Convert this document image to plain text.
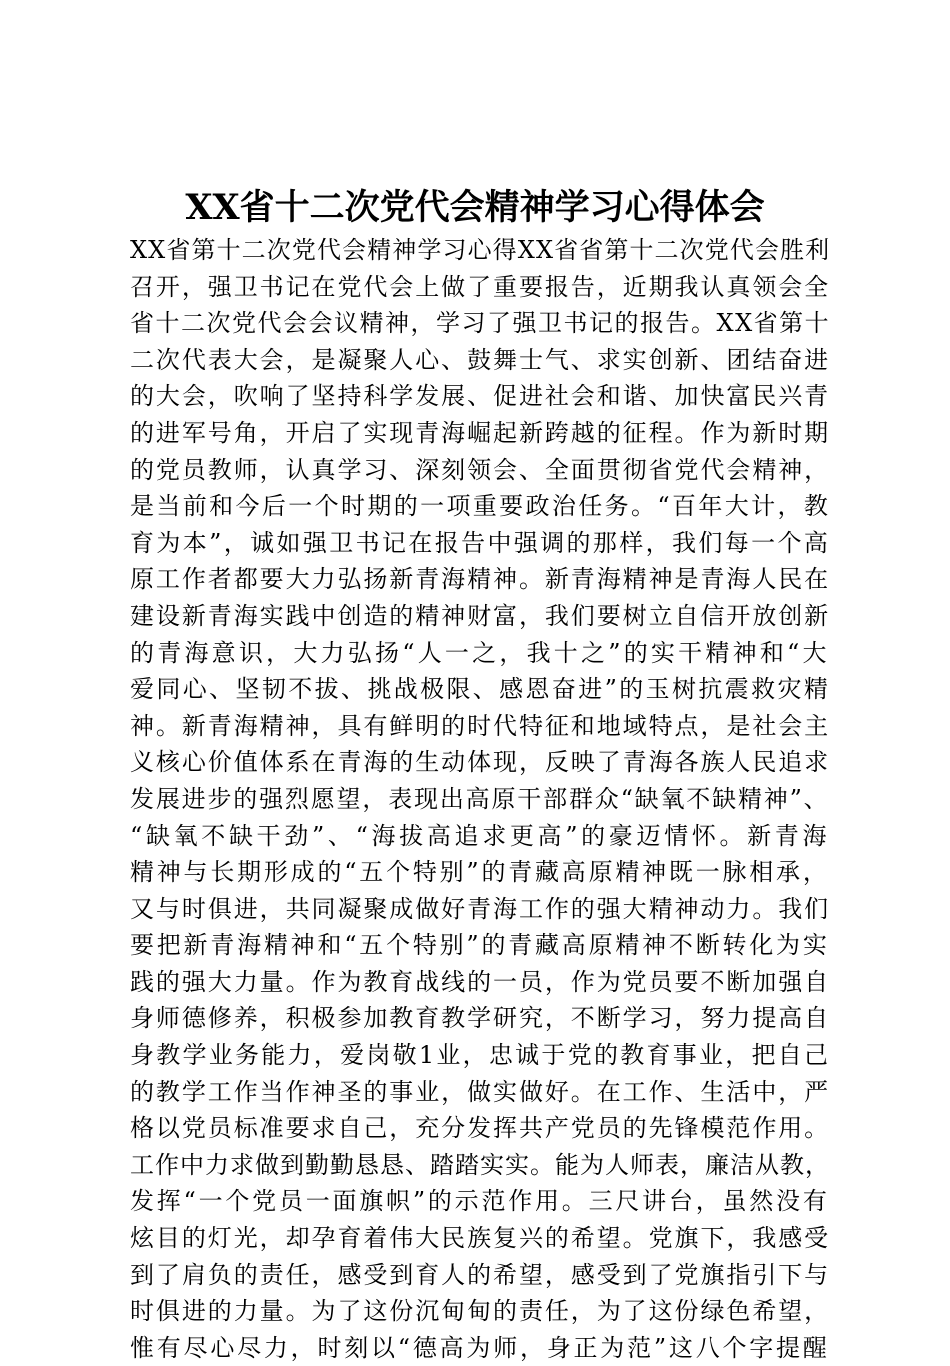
XX省十二次党代会精神学习心得体会
XX省第十二次党代会精神学习心得XX省省第十二次党代会胜利
召开，强卫书记在党代会上做了重要报告，近期我认真领会全
省十二次党代会会议精神，学习了强卫书记的报告。XX省第十
二次代表大会，是凝聚人心、鼓舞士气、求实创新、团结奋进
的大会，吹响了坚持科学发展、促进社会和谐、加快富民兴青
的进军号角，开启了实现青海崛起新跨越的征程。作为新时期
的党员教师，认真学习、深刻领会、全面贯彻省党代会精神，
是当前和今后一个时期的一项重要政治任务。“百年大计，教
育为本”，诚如强卫书记在报告中强调的那样，我们每一个高
原工作者都要大力弘扬新青海精神。新青海精神是青海人民在
建设新青海实践中创造的精神财富，我们要树立自信开放创新
的青海意识，大力弘扬“人一之，我十之”的实干精神和“大
爱同心、坚韧不拔、挑战极限、感恩奋进”的玉树抗震救灾精
神。新青海精神，具有鲜明的时代特征和地域特点，是社会主
义核心价值体系在青海的生动体现，反映了青海各族人民追求
发展进步的强烈愿望，表现出高原干部群众“缺氧不缺精神”、
“缺氧不缺干劲”、“海拔高追求更高”的豪迈情怀。新青海
精神与长期形成的“五个特别”的青藏高原精神既一脉相承，
又与时俱进，共同凝聚成做好青海工作的强大精神动力。我们
要把新青海精神和“五个特别”的青藏高原精神不断转化为实
践的强大力量。作为教育战线的一员，作为党员要不断加强自
身师德修养，积极参加教育教学研究，不断学习，努力提高自
身教学业务能力，爱岗敬1业，忠诚于党的教育事业，把自己
的教学工作当作神圣的事业，做实做好。在工作、生活中，严
格以党员标准要求自己，充分发挥共产党员的先锋模范作用。
工作中力求做到勤勤恳恳、踏踏实实。能为人师表，廉洁从教，
发挥“一个党员一面旗帜”的示范作用。三尺讲台，虽然没有
炫目的灯光，却孕育着伟大民族复兴的希望。党旗下，我感受
到了肩负的责任，感受到育人的希望，感受到了党旗指引下与
时俱进的力量。为了这份沉甸甸的责任，为了这份绿色希望，
惟有尽心尽力，时刻以“德高为师，身正为范”这八个字提醒
